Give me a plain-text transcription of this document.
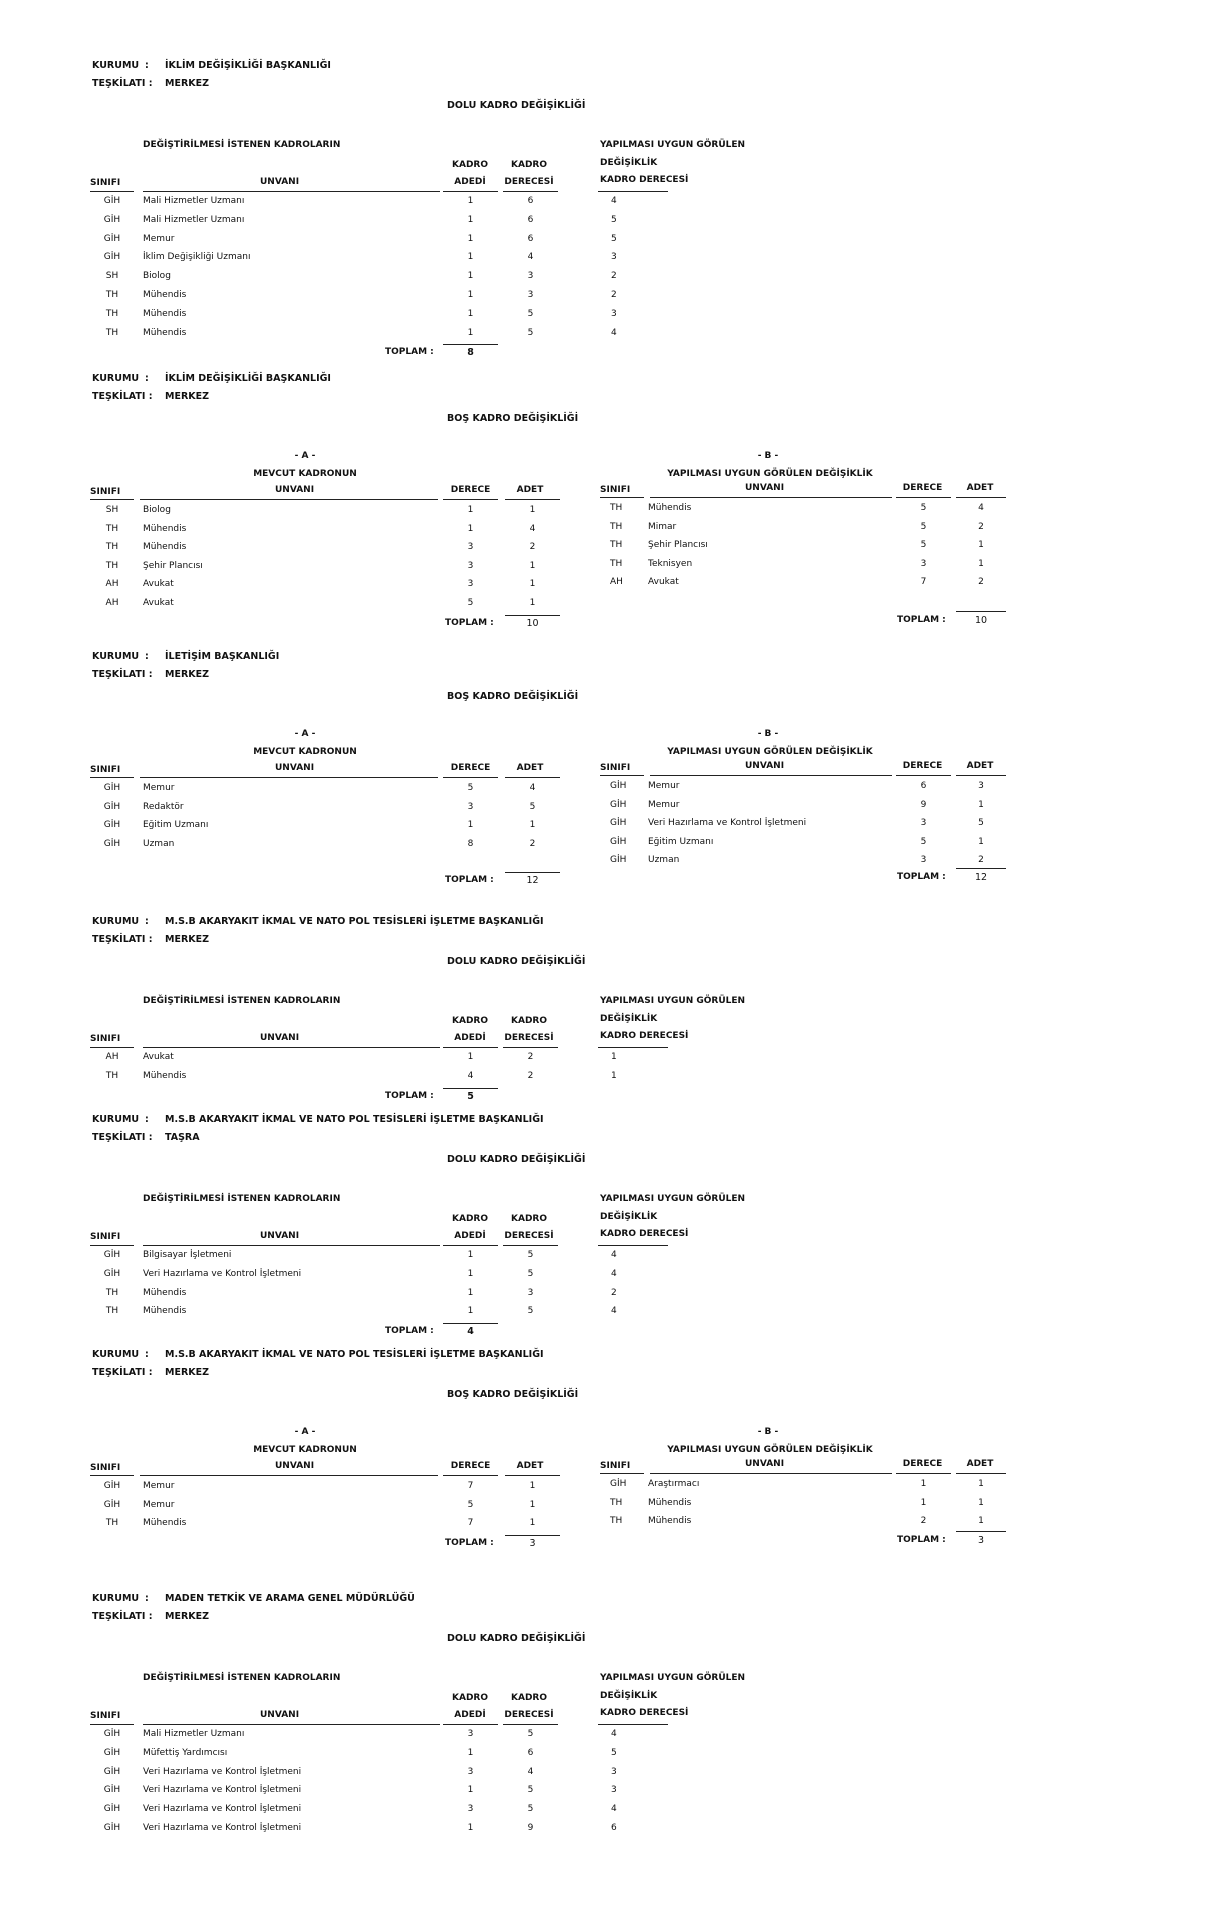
KURUMU : İKLİM DEĞİŞİKLİĞİ BAŞKANLIĞI
TEŞKİLATI : MERKEZ
DOLU KADRO DEĞİŞİKLİĞİ
DEĞİŞTİRİLMESİ İSTENEN KADROLARIN	YAPILMASI UYGUN GÖRÜLEN
KADRO	KADRO	DEĞİŞİKLİK
SINIFI	UNVANI	ADEDİ	DERECESİ	KADRO DERECESİ
GİH	Mali Hizmetler Uzmanı	1	6	4
GİH	Mali Hizmetler Uzmanı	1	6	5
GİH	Memur	1	6	5
GİH	İklim Değişikliği Uzmanı	1	4	3
SH	Biolog	1	3	2
TH	Mühendis	1	3	2
TH	Mühendis	1	5	3
TH	Mühendis	1	5	4
TOPLAM :	8
KURUMU : İKLİM DEĞİŞİKLİĞİ BAŞKANLIĞI
TEŞKİLATI : MERKEZ
BOŞ KADRO DEĞİŞİKLİĞİ
- A -
MEVCUT KADRONUN
SINIFI	UNVANI	DERECE	ADET
- B -
YAPILMASI UYGUN GÖRÜLEN DEĞİŞİKLİK
SINIFI	UNVANI	DERECE	ADET
SH	Biolog	1	1
TH	Mühendis	1	4
TH	Mühendis	3	2
TH	Şehir Plancısı	3	1
AH	Avukat	3	1
AH	Avukat	5	1
TH	Mühendis	5	4
TH	Mimar	5	2
TH	Şehir Plancısı	5	1
TH	Teknisyen	3	1
AH	Avukat	7	2
TOPLAM :	10	TOPLAM :	10
KURUMU : İLETİŞİM BAŞKANLIĞI
TEŞKİLATI : MERKEZ
BOŞ KADRO DEĞİŞİKLİĞİ
- A -
MEVCUT KADRONUN
SINIFI	UNVANI	DERECE	ADET
- B -
YAPILMASI UYGUN GÖRÜLEN DEĞİŞİKLİK
SINIFI	UNVANI	DERECE	ADET
GİH	Memur	5	4
GİH	Redaktör	3	5
GİH	Eğitim Uzmanı	1	1
GİH	Uzman	8	2
GİH Memur	6	3
GİH Memur	9	1
GİH Veri Hazırlama ve Kontrol İşletmeni	3	5
GİH Eğitim Uzmanı	5	1
GİH Uzman	3	2
TOPLAM :	12	TOPLAM :	12
KURUMU : M.S.B AKARYAKIT İKMAL VE NATO POL TESİSLERİ İŞLETME BAŞKANLIĞI
TEŞKİLATI : MERKEZ
DOLU KADRO DEĞİŞİKLİĞİ
DEĞİŞTİRİLMESİ İSTENEN KADROLARIN	YAPILMASI UYGUN GÖRÜLEN
KADRO	KADRO	DEĞİŞİKLİK
SINIFI	UNVANI	ADEDİ	DERECESİ	KADRO DERECESİ
AH	Avukat	1	2	1
TH	Mühendis	4	2	1
TOPLAM :	5
KURUMU : M.S.B AKARYAKIT İKMAL VE NATO POL TESİSLERİ İŞLETME BAŞKANLIĞI
TEŞKİLATI : TAŞRA
DOLU KADRO DEĞİŞİKLİĞİ
DEĞİŞTİRİLMESİ İSTENEN KADROLARIN	YAPILMASI UYGUN GÖRÜLEN
KADRO	KADRO	DEĞİŞİKLİK
SINIFI	UNVANI	ADEDİ	DERECESİ	KADRO DERECESİ
GİH	Bilgisayar İşletmeni	1	5	4
GİH	Veri Hazırlama ve Kontrol İşletmeni	1	5	4
TH	Mühendis	1	3	2
TH	Mühendis	1	5	4
TOPLAM :	4
KURUMU : M.S.B AKARYAKIT İKMAL VE NATO POL TESİSLERİ İŞLETME BAŞKANLIĞI
TEŞKİLATI : MERKEZ
BOŞ KADRO DEĞİŞİKLİĞİ
- A -
MEVCUT KADRONUN
SINIFI	UNVANI	DERECE	ADET
- B -
YAPILMASI UYGUN GÖRÜLEN DEĞİŞİKLİK
SINIFI	UNVANI	DERECE	ADET
GİH	Memur	7	1
GİH	Memur	5	1
TH	Mühendis	7	1
GİH Araştırmacı	1	1
TH	Mühendis	1	1
TH	Mühendis	2	1
TOPLAM :	3	TOPLAM :	3
KURUMU : MADEN TETKİK VE ARAMA GENEL MÜDÜRLÜĞÜ
TEŞKİLATI : MERKEZ
DOLU KADRO DEĞİŞİKLİĞİ
DEĞİŞTİRİLMESİ İSTENEN KADROLARIN	YAPILMASI UYGUN GÖRÜLEN
KADRO	KADRO	DEĞİŞİKLİK
SINIFI	UNVANI	ADEDİ	DERECESİ	KADRO DERECESİ
GİH	Mali Hizmetler Uzmanı	3	5	4
GİH	Müfettiş Yardımcısı	1	6	5
GİH	Veri Hazırlama ve Kontrol İşletmeni	3	4	3
GİH	Veri Hazırlama ve Kontrol İşletmeni	1	5	3
GİH	Veri Hazırlama ve Kontrol İşletmeni	3	5	4
GİH	Veri Hazırlama ve Kontrol İşletmeni	1	9	6
